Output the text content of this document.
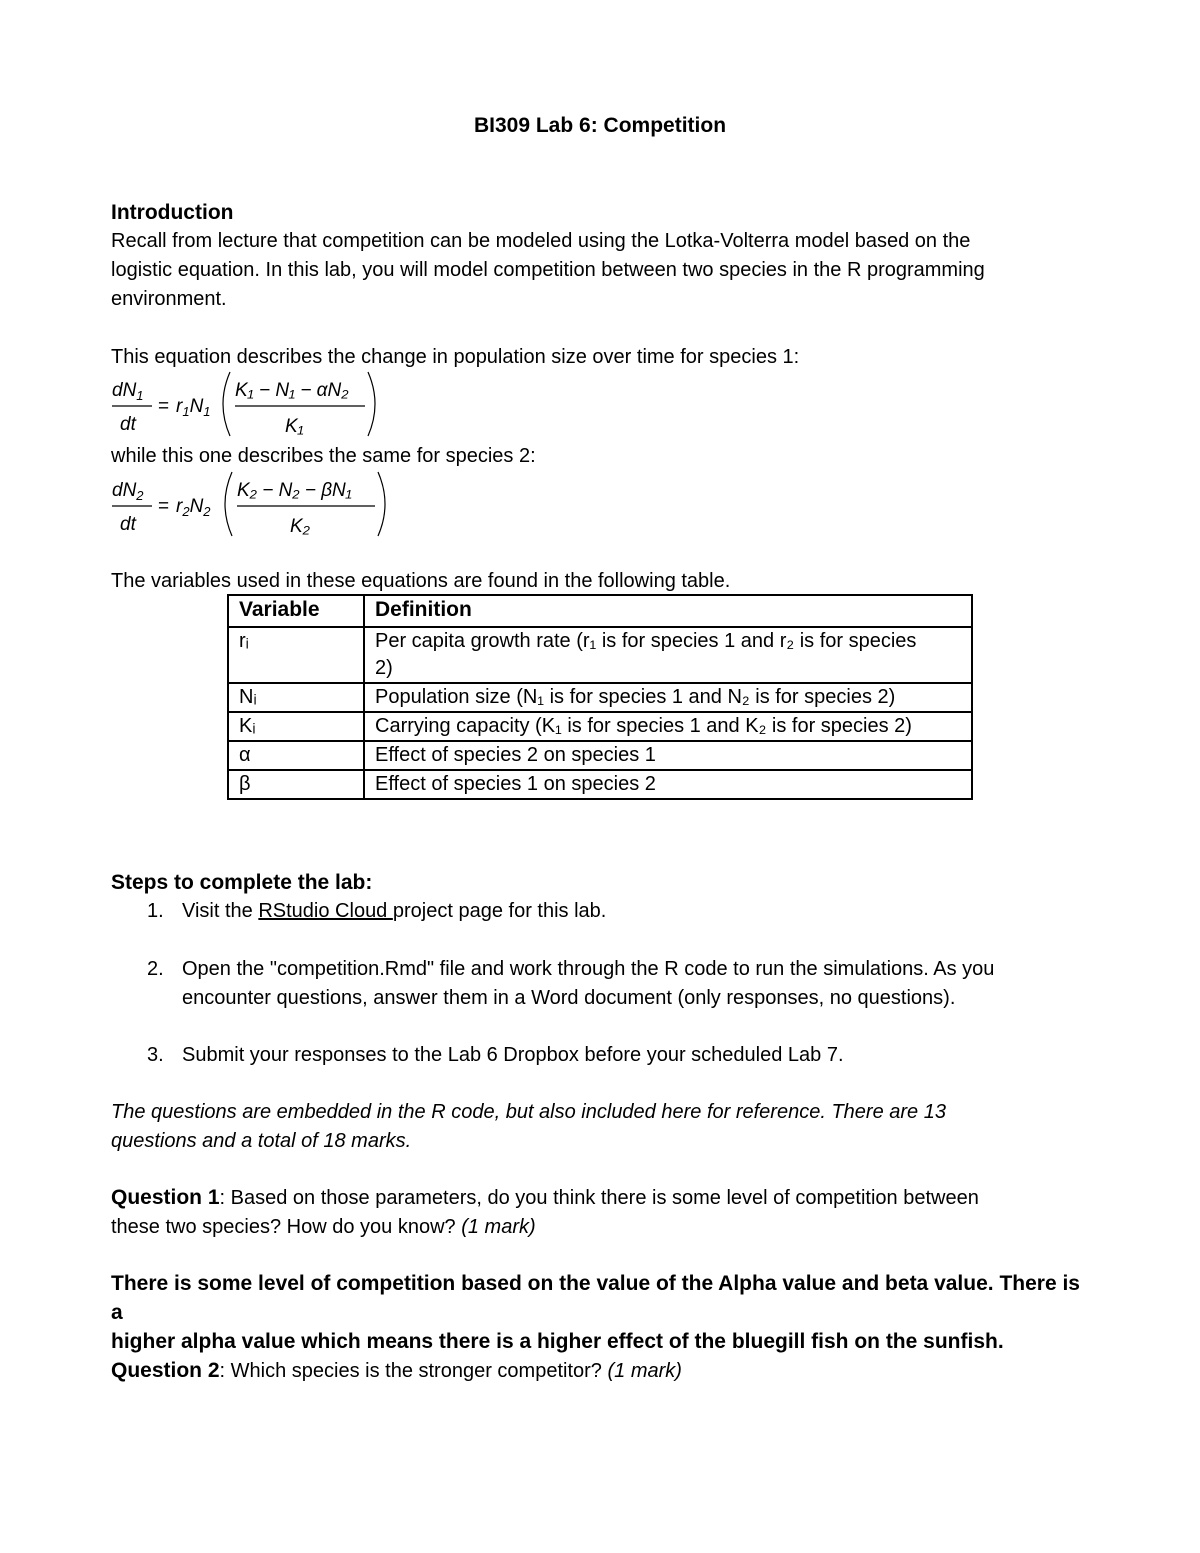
BI309 Lab 6: Competition
Introduction
Recall from lecture that competition can be modeled using the Lotka-Volterra model based on the
logistic equation. In this lab, you will model competition between two species in the R programming
environment.
This equation describes the change in population size over time for species 1:
$dN_1$
dt
= $r_1N_1$
K₁ − N₁ − αN₂
K₁
while this one describes the same for species 2:
$dN_2$
dt
= $r_2N_2$
K₂ − N₂ − βN₁
K₂
The variables used in these equations are found in the following table.
Variable	Definition
rᵢ	Per capita growth rate (r₁ is for species 1 and r₂ is for species
2)

Nᵢ	Population size (N₁ is for species 1 and N₂ is for species 2)
Kᵢ	Carrying capacity (K₁ is for species 1 and K₂ is for species 2)
α	Effect of species 2 on species 1
β	Effect of species 1 on species 2
Steps to complete the lab:
1. Visit the RStudio Cloud project page for this lab.
2. Open the "competition.Rmd" file and work through the R code to run the simulations. As you
encounter questions, answer them in a Word document (only responses, no questions).
3. Submit your responses to the Lab 6 Dropbox before your scheduled Lab 7.
The questions are embedded in the R code, but also included here for reference. There are 13
questions and a total of 18 marks.
Question 1: Based on those parameters, do you think there is some level of competition between
these two species? How do you know? (1 mark)
There is some level of competition based on the value of the Alpha value and beta value. There is a
higher alpha value which means there is a higher effect of the bluegill fish on the sunfish.
Question 2: Which species is the stronger competitor? (1 mark)
